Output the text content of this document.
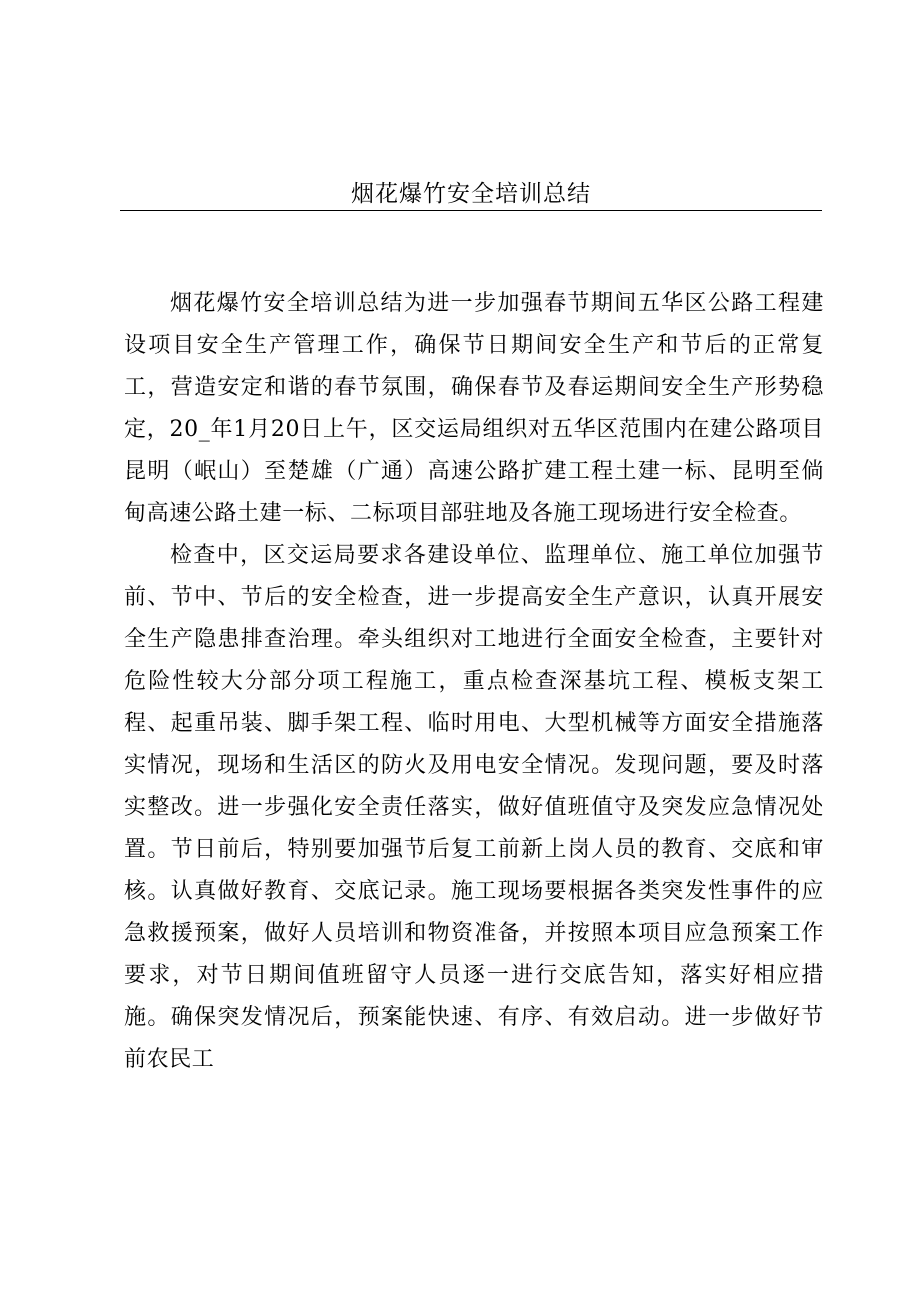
烟花爆竹安全培训总结

烟花爆竹安全培训总结为进一步加强春节期间五华区公路工程建设项目安全生产管理工作，确保节日期间安全生产和节后的正常复工，营造安定和谐的春节氛围，确保春节及春运期间安全生产形势稳定，20_年1月20日上午，区交运局组织对五华区范围内在建公路项目昆明（岷山）至楚雄（广通）高速公路扩建工程土建一标、昆明至倘甸高速公路土建一标、二标项目部驻地及各施工现场进行安全检查。

检查中，区交运局要求各建设单位、监理单位、施工单位加强节前、节中、节后的安全检查，进一步提高安全生产意识，认真开展安全生产隐患排查治理。牵头组织对工地进行全面安全检查，主要针对危险性较大分部分项工程施工，重点检查深基坑工程、模板支架工程、起重吊装、脚手架工程、临时用电、大型机械等方面安全措施落实情况，现场和生活区的防火及用电安全情况。发现问题，要及时落实整改。进一步强化安全责任落实，做好值班值守及突发应急情况处置。节日前后，特别要加强节后复工前新上岗人员的教育、交底和审核。认真做好教育、交底记录。施工现场要根据各类突发性事件的应急救援预案，做好人员培训和物资准备，并按照本项目应急预案工作要求，对节日期间值班留守人员逐一进行交底告知，落实好相应措施。确保突发情况后，预案能快速、有序、有效启动。进一步做好节前农民工
